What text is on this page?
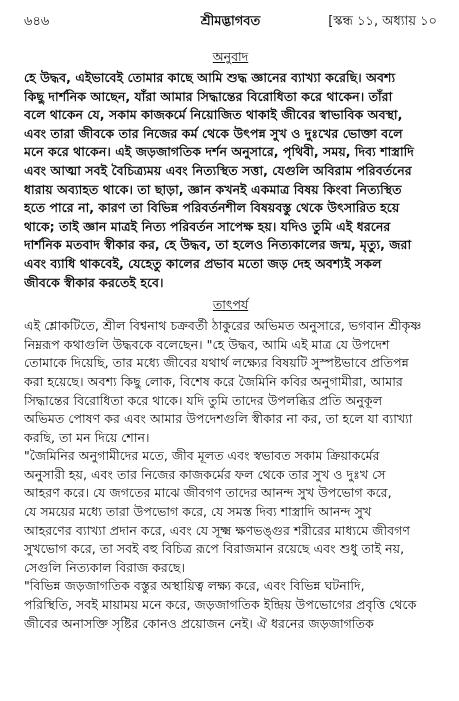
৬৪৬	শ্রীমদ্ভাগবত	[স্কন্ধ ১১, অধ্যায় ১০
অনুবাদ
হে উদ্ধব, এইভাবেই তোমার কাছে আমি শুদ্ধ জ্ঞানের ব্যাখ্যা করেছি। অবশ্য
কিছু দার্শনিক আছেন, যাঁরা আমার সিদ্ধান্তের বিরোধিতা করে থাকেন। তাঁরা
বলে থাকেন যে, সকাম কাজকর্মে নিয়োজিত থাকাই জীবের স্বাভাবিক অবস্থা,
এবং তারা জীবকে তার নিজের কর্ম থেকে উৎপন্ন সুখ ও দুঃখের ভোক্তা বলে
মনে করে থাকেন। এই জড়জাগতিক দর্শন অনুসারে, পৃথিবী, সময়, দিব্য শাস্ত্রাদি
এবং আত্মা সবই বৈচিত্র্যময় এবং নিত্যস্থিত সত্তা, যেগুলি অবিরাম পরিবর্তনের
ধারায় অব্যাহত থাকে। তা ছাড়া, জ্ঞান কখনই একমাত্র বিষয় কিংবা নিত্যস্থিত
হতে পারে না, কারণ তা বিভিন্ন পরিবর্তনশীল বিষয়বস্তু থেকে উৎসারিত হয়ে
থাকে; তাই জ্ঞান মাত্রই নিত্য পরিবর্তন সাপেক্ষ হয়। যদিও তুমি এই ধরনের
দার্শনিক মতবাদ স্বীকার কর, হে উদ্ধব, তা হলেও নিত্যকালের জন্ম, মৃত্যু, জরা
এবং ব্যাধি থাকবেই, যেহেতু কালের প্রভাব মতো জড় দেহ অবশ্যই সকল
জীবকে স্বীকার করতেই হবে।
তাৎপর্য
এই শ্লোকটিতে, শ্রীল বিশ্বনাথ চক্রবর্তী ঠাকুরের অভিমত অনুসারে, ভগবান শ্রীকৃষ্ণ
নিম্নরূপ কথাগুলি উদ্ধবকে বলেছেন। "হে উদ্ধব, আমি এই মাত্র যে উপদেশ
তোমাকে দিয়েছি, তার মধ্যে জীবের যথার্থ লক্ষ্যের বিষয়টি সুস্পষ্টভাবে প্রতিপন্ন
করা হয়েছে। অবশ্য কিছু লোক, বিশেষ করে জৈমিনি কবির অনুগামীরা, আমার
সিদ্ধান্তের বিরোধিতা করে থাকে। যদি তুমি তাদের উপলব্ধির প্রতি অনুকূল
অভিমত পোষণ কর এবং আমার উপদেশগুলি স্বীকার না কর, তা হলে যা ব্যাখ্যা
করছি, তা মন দিয়ে শোন।
"জৈমিনির অনুগামীদের মতে, জীব মূলত এবং স্বভাবত সকাম ক্রিয়াকর্মের
অনুসারী হয়, এবং তার নিজের কাজকর্মের ফল থেকে তার সুখ ও দুঃখ সে
আহরণ করে। যে জগতের মাঝে জীবগণ তাদের আনন্দ সুখ উপভোগ করে,
যে সময়ের মধ্যে তারা উপভোগ করে, যে সমস্ত দিব্য শাস্ত্রাদি আনন্দ সুখ
আহরণের ব্যাখ্যা প্রদান করে, এবং যে সূক্ষ্ম ক্ষণভঙ্গুর শরীরের মাধ্যমে জীবগণ
সুখভোগ করে, তা সবই বহু বিচিত্র রূপে বিরাজমান রয়েছে এবং শুধু তাই নয়,
সেগুলি নিত্যকাল বিরাজ করছে।
"বিভিন্ন জড়জাগতিক বস্তুর অস্থায়িত্ব লক্ষ্য করে, এবং বিভিন্ন ঘটনাদি,
পরিস্থিতি, সবই মায়াময় মনে করে, জড়জাগতিক ইন্দ্রিয় উপভোগের প্রবৃত্তি থেকে
জীবের অনাসক্তি সৃষ্টির কোনও প্রয়োজন নেই। ঐ ধরনের জড়জাগতিক
